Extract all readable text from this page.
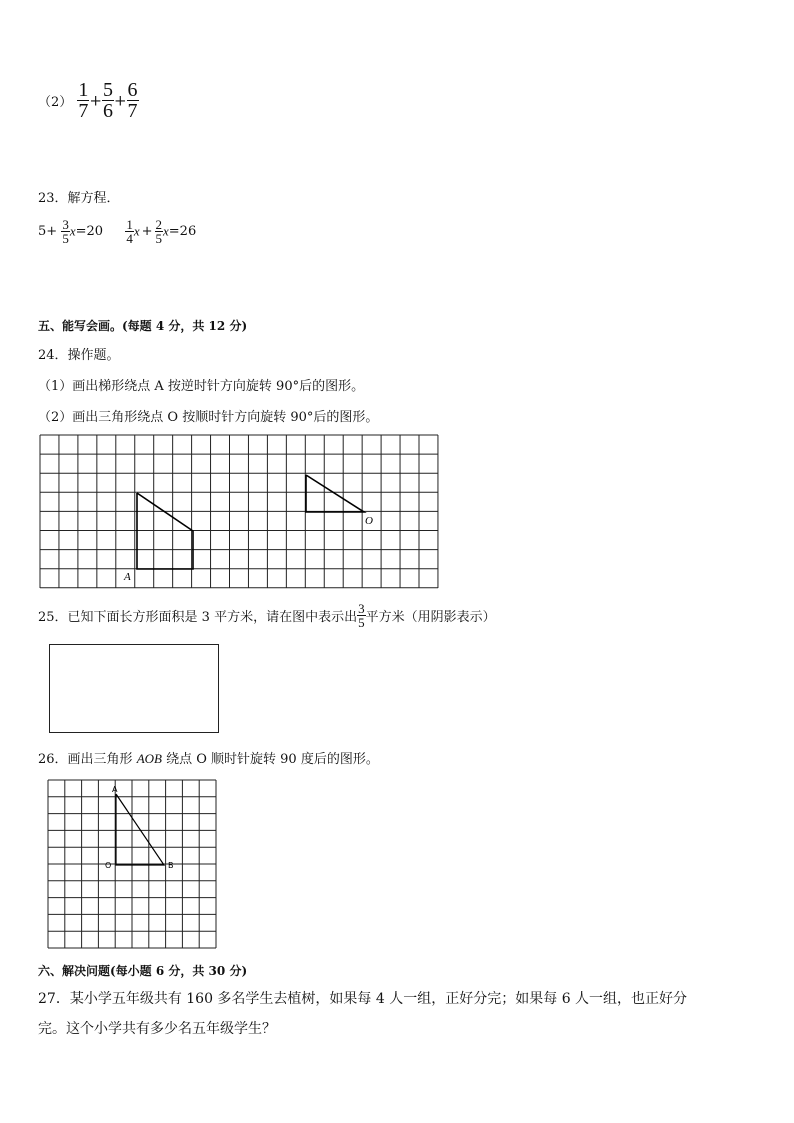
$(2) \frac{1}{7} + \frac{5}{6} + \frac{6}{7}$
23．解方程．
$5+ \frac{3}{5} x=20 \frac{1}{4}$ $x + \frac{2}{5} x=26$
五、能写会画。(每题 4 分，共 12 分)
24．操作题。
（1）画出梯形绕点 A 按逆时针方向旋转 90°后的图形。
（2）画出三角形绕点 O 按顺时针方向旋转 90°后的图形。
A
O
25．已知下面长方形面积是 3 平方米，请在图中表示出 $\frac{3}{5}$ 平方米（用阴影表示）
26．画出三角形 AOB 绕点 O 顺时针旋转 90 度后的图形。
A
O	B
六、解决问题(每小题 6 分，共 30 分)
27．某小学五年级共有 160 多名学生去植树，如果每 4 人一组，正好分完；如果每 6 人一组，也正好分
完。这个小学共有多少名五年级学生？
